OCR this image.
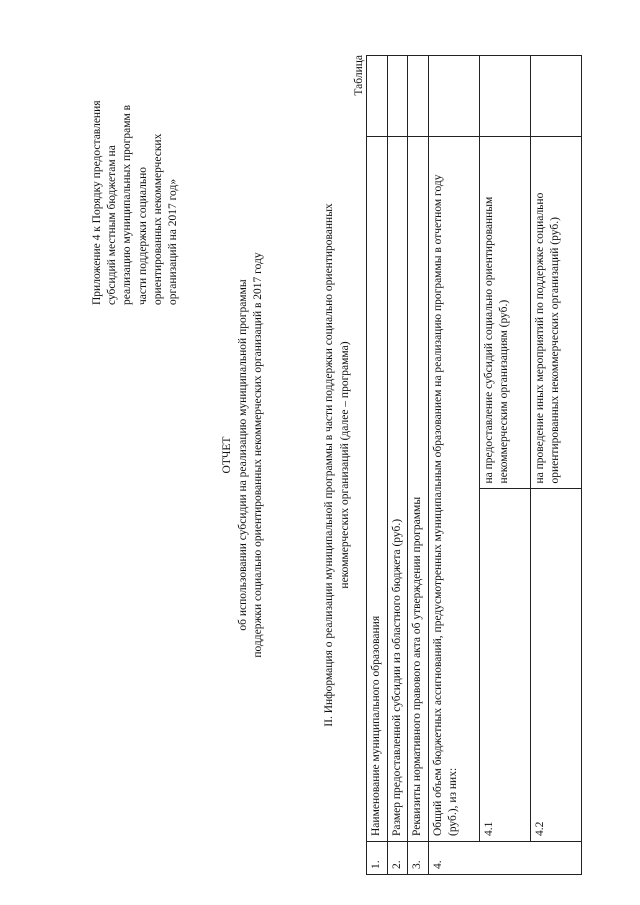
Приложение 4 к Порядку предоставления субсидий местным бюджетам на реализацию муниципальных программ в части поддержки социально ориентированных некоммерческих организаций на 2017 год»
ОТЧЕТ об использовании субсидии на реализацию муниципальной программы поддержки социально ориентированных некоммерческих организаций в 2017 году	II. Информация о реализации муниципальной программы в части поддержки социально ориентированных некоммерческих организаций (далее – программа)
Таблица
1.	Наименование муниципального образования		
2.	Размер предоставленной субсидии из областного бюджета (руб.)		
3.	Реквизиты нормативного правового акта об утверждении программы		
4.	Общий объем бюджетных ассигнований, предусмотренных муниципальным образованием на реализацию программы в отчетном году (руб.), из них:		
	4.1	на предоставление субсидий социально ориентированным некоммерческим организациям (руб.)	
	4.2	на проведение иных мероприятий по поддержке социально ориентированных некоммерческих организаций (руб.)	
